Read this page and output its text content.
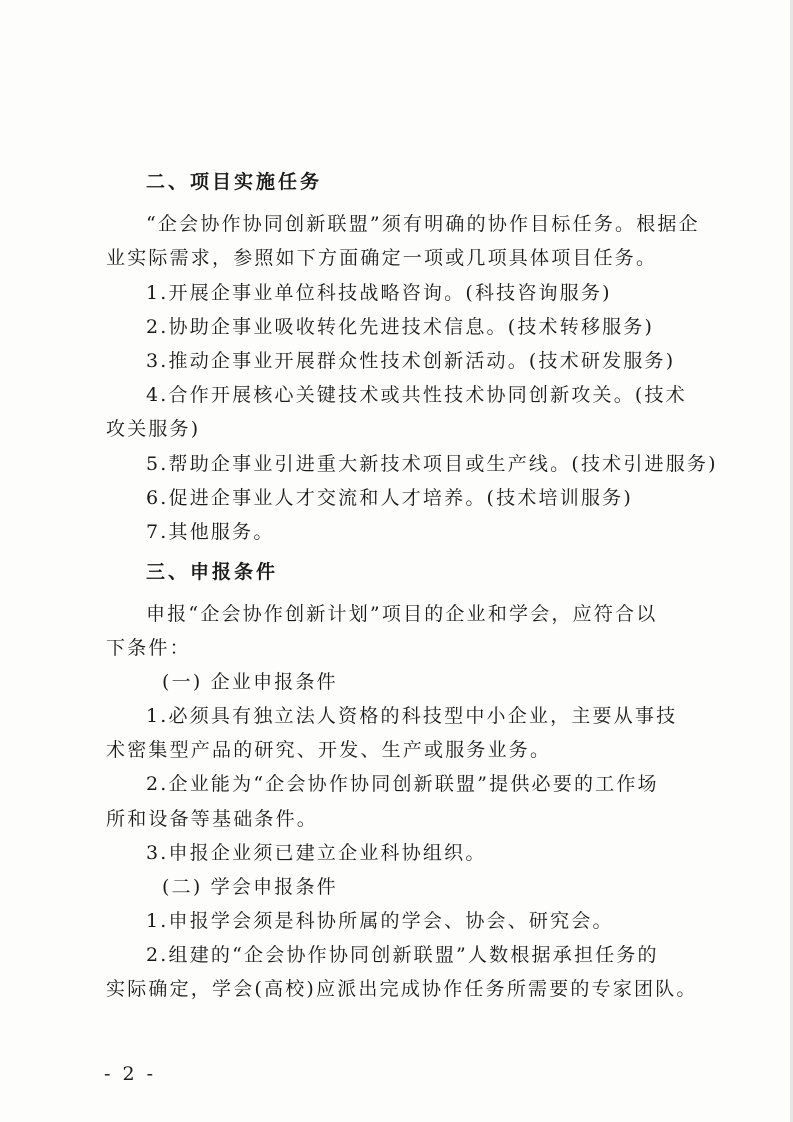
二、项目实施任务
“企会协作协同创新联盟”须有明确的协作目标任务。根据企
业实际需求，参照如下方面确定一项或几项具体项目任务。
1.开展企事业单位科技战略咨询。(科技咨询服务)
2.协助企事业吸收转化先进技术信息。(技术转移服务)
3.推动企事业开展群众性技术创新活动。(技术研发服务)
4.合作开展核心关键技术或共性技术协同创新攻关。(技术
攻关服务)
5.帮助企事业引进重大新技术项目或生产线。(技术引进服务)
6.促进企事业人才交流和人才培养。(技术培训服务)
7.其他服务。
三、申报条件
申报“企会协作创新计划”项目的企业和学会，应符合以
下条件：
(一) 企业申报条件
1.必须具有独立法人资格的科技型中小企业，主要从事技
术密集型产品的研究、开发、生产或服务业务。
2.企业能为“企会协作协同创新联盟”提供必要的工作场
所和设备等基础条件。
3.申报企业须已建立企业科协组织。
(二) 学会申报条件
1.申报学会须是科协所属的学会、协会、研究会。
2.组建的“企会协作协同创新联盟”人数根据承担任务的
实际确定，学会(高校)应派出完成协作任务所需要的专家团队。
- 2 -
